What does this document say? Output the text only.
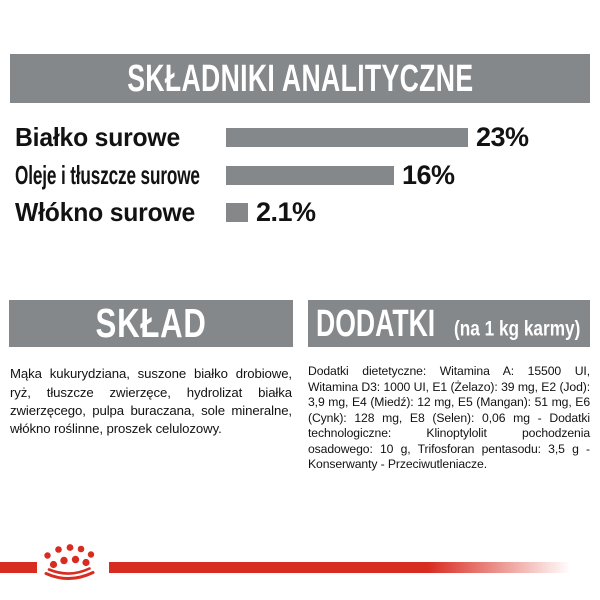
SKŁADNIKI ANALITYCZNE
Białko surowe	23%
Oleje i tłuszcze surowe	16%
Włókno surowe 2.1%
SKŁAD

Mąka kukurydziana, suszone białko drobiowe, ryż, tłuszcze zwierzęce, hydrolizat białka zwierzęcego, pulpa buraczana, sole mineralne, włókno roślinne, proszek celulozowy.

DODATKI (na 1 kg karmy)

Dodatki dietetyczne: Witamina A: 15500 UI, Witamina D3: 1000 UI, E1 (Żelazo): 39 mg, E2 (Jod): 3,9 mg, E4 (Miedź): 12 mg, E5 (Mangan): 51 mg, E6 (Cynk): 128 mg, E8 (Selen): 0,06 mg - Dodatki technologiczne: Klinoptylolit pochodzenia osadowego: 10 g, Trifosforan pentasodu: 3,5 g - Konserwanty - Przeciwutleniacze.
